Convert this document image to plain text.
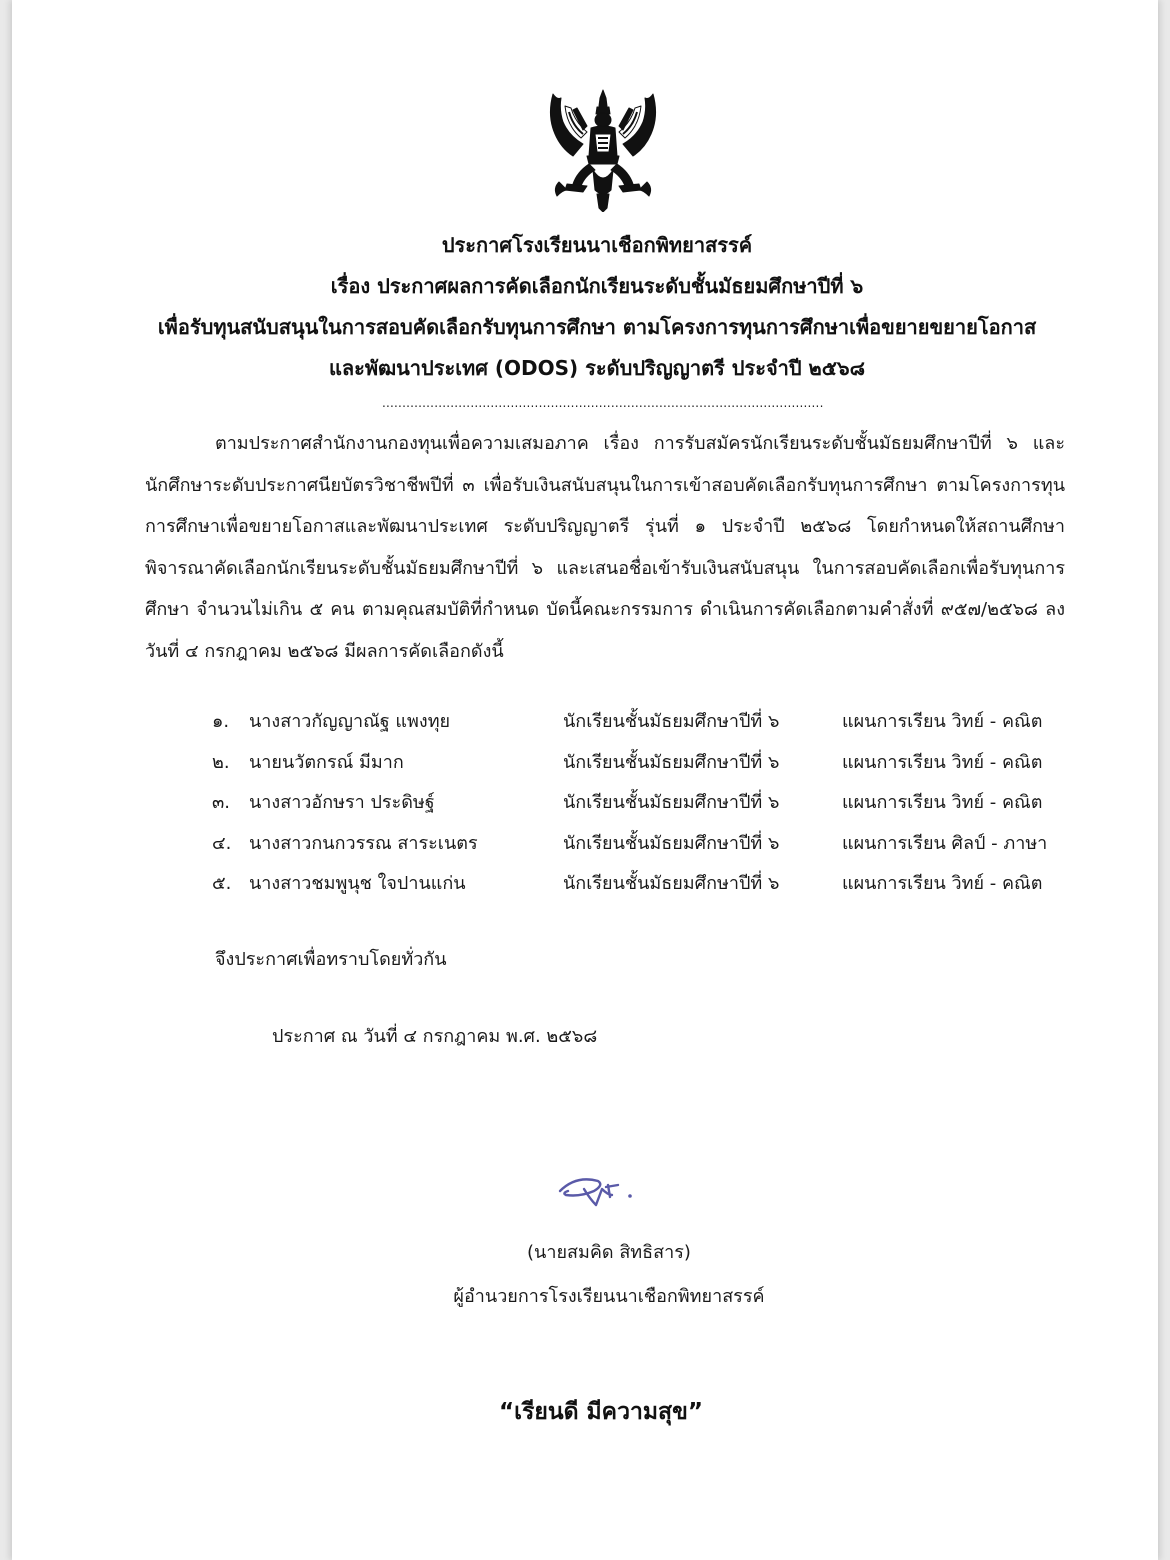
ประกาศโรงเรียนนาเชือกพิทยาสรรค์
เรื่อง ประกาศผลการคัดเลือกนักเรียนระดับชั้นมัธยมศึกษาปีที่ ๖
เพื่อรับทุนสนับสนุนในการสอบคัดเลือกรับทุนการศึกษา ตามโครงการทุนการศึกษาเพื่อขยายขยายโอกาส
และพัฒนาประเทศ (ODOS) ระดับปริญญาตรี ประจำปี ๒๕๖๘
..............................................................................................................
ตามประกาศสำนักงานกองทุนเพื่อความเสมอภาค เรื่อง การรับสมัครนักเรียนระดับชั้นมัธยมศึกษาปีที่ ๖ และนักศึกษาระดับประกาศนียบัตรวิชาชีพปีที่ ๓ เพื่อรับเงินสนับสนุนในการเข้าสอบคัดเลือกรับทุนการศึกษา ตามโครงการทุนการศึกษาเพื่อขยายโอกาสและพัฒนาประเทศ ระดับปริญญาตรี รุ่นที่ ๑ ประจำปี ๒๕๖๘ โดยกำหนดให้สถานศึกษาพิจารณาคัดเลือกนักเรียนระดับชั้นมัธยมศึกษาปีที่ ๖ และเสนอชื่อเข้ารับเงินสนับสนุน ในการสอบคัดเลือกเพื่อรับทุนการศึกษา จำนวนไม่เกิน ๕ คน ตามคุณสมบัติที่กำหนด บัดนี้คณะกรรมการ ดำเนินการคัดเลือกตามคำสั่งที่ ๙๕๗/๒๕๖๘ ลงวันที่ ๔ กรกฎาคม ๒๕๖๘ มีผลการคัดเลือกดังนี้
๑. นางสาวกัญญาณัฐ แพงทุย	นักเรียนชั้นมัธยมศึกษาปีที่ ๖	แผนการเรียน วิทย์ - คณิต
๒. นายนวัตกรณ์ มีมาก	นักเรียนชั้นมัธยมศึกษาปีที่ ๖	แผนการเรียน วิทย์ - คณิต
๓. นางสาวอักษรา ประดิษฐ์	นักเรียนชั้นมัธยมศึกษาปีที่ ๖	แผนการเรียน วิทย์ - คณิต
๔. นางสาวกนกวรรณ สาระเนตร	นักเรียนชั้นมัธยมศึกษาปีที่ ๖	แผนการเรียน ศิลป์ - ภาษา
๕. นางสาวชมพูนุช ใจปานแก่น	นักเรียนชั้นมัธยมศึกษาปีที่ ๖	แผนการเรียน วิทย์ - คณิต
จึงประกาศเพื่อทราบโดยทั่วกัน
ประกาศ ณ วันที่ ๔ กรกฎาคม พ.ศ. ๒๕๖๘
(นายสมคิด สิทธิสาร)
ผู้อำนวยการโรงเรียนนาเชือกพิทยาสรรค์
“เรียนดี มีความสุข”
